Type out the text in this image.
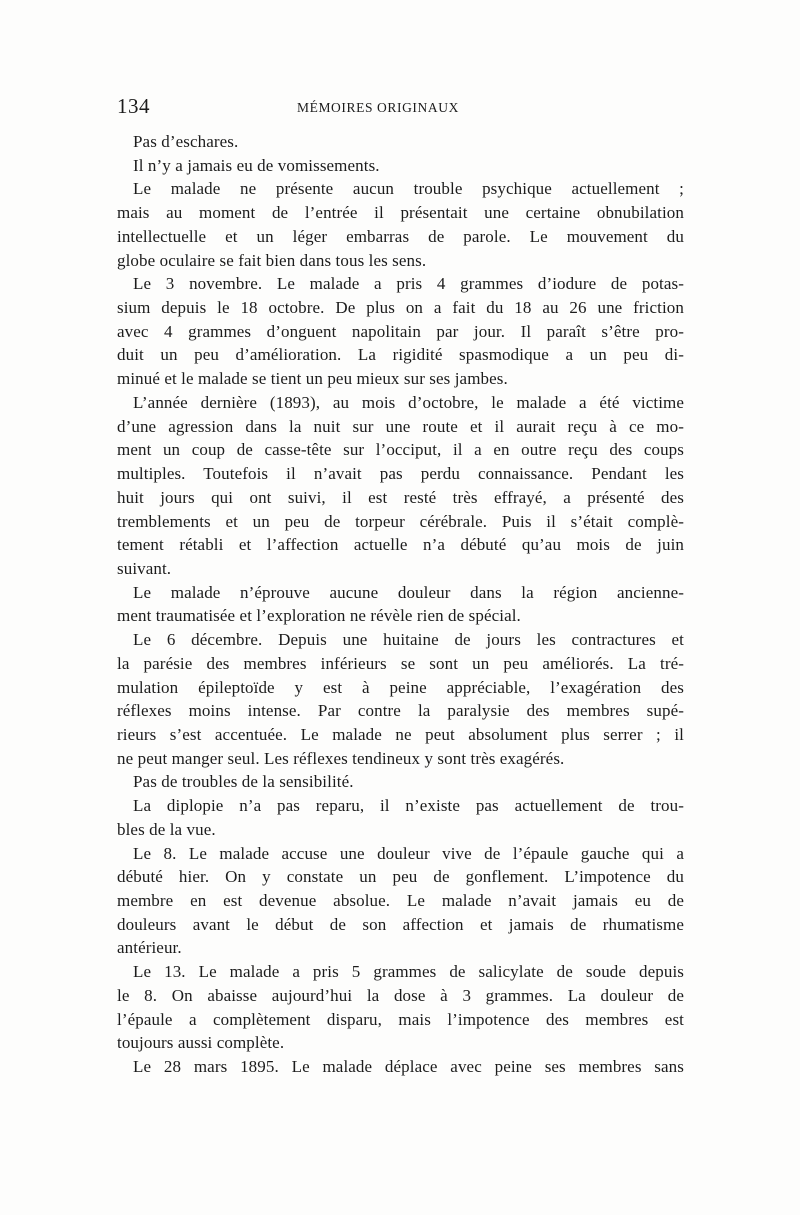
134	MÉMOIRES ORIGINAUX
Pas d’eschares.
Il n’y a jamais eu de vomissements.
Le malade ne présente aucun trouble psychique actuellement ;
mais au moment de l’entrée il présentait une certaine obnubilation
intellectuelle et un léger embarras de parole. Le mouvement du
globe oculaire se fait bien dans tous les sens.
Le 3 novembre. Le malade a pris 4 grammes d’iodure de potas-
sium depuis le 18 octobre. De plus on a fait du 18 au 26 une friction
avec 4 grammes d’onguent napolitain par jour. Il paraît s’être pro-
duit un peu d’amélioration. La rigidité spasmodique a un peu di-
minué et le malade se tient un peu mieux sur ses jambes.
L’année dernière (1893), au mois d’octobre, le malade a été victime
d’une agression dans la nuit sur une route et il aurait reçu à ce mo-
ment un coup de casse-tête sur l’occiput, il a en outre reçu des coups
multiples. Toutefois il n’avait pas perdu connaissance. Pendant les
huit jours qui ont suivi, il est resté très effrayé, a présenté des
tremblements et un peu de torpeur cérébrale. Puis il s’était complè-
tement rétabli et l’affection actuelle n’a débuté qu’au mois de juin
suivant.
Le malade n’éprouve aucune douleur dans la région ancienne-
ment traumatisée et l’exploration ne révèle rien de spécial.
Le 6 décembre. Depuis une huitaine de jours les contractures et
la parésie des membres inférieurs se sont un peu améliorés. La tré-
mulation épileptoïde y est à peine appréciable, l’exagération des
réflexes moins intense. Par contre la paralysie des membres supé-
rieurs s’est accentuée. Le malade ne peut absolument plus serrer ; il
ne peut manger seul. Les réflexes tendineux y sont très exagérés.
Pas de troubles de la sensibilité.
La diplopie n’a pas reparu, il n’existe pas actuellement de trou-
bles de la vue.
Le 8. Le malade accuse une douleur vive de l’épaule gauche qui a
débuté hier. On y constate un peu de gonflement. L’impotence du
membre en est devenue absolue. Le malade n’avait jamais eu de
douleurs avant le début de son affection et jamais de rhumatisme
antérieur.
Le 13. Le malade a pris 5 grammes de salicylate de soude depuis
le 8. On abaisse aujourd’hui la dose à 3 grammes. La douleur de
l’épaule a complètement disparu, mais l’impotence des membres est
toujours aussi complète.
Le 28 mars 1895. Le malade déplace avec peine ses membres sans
